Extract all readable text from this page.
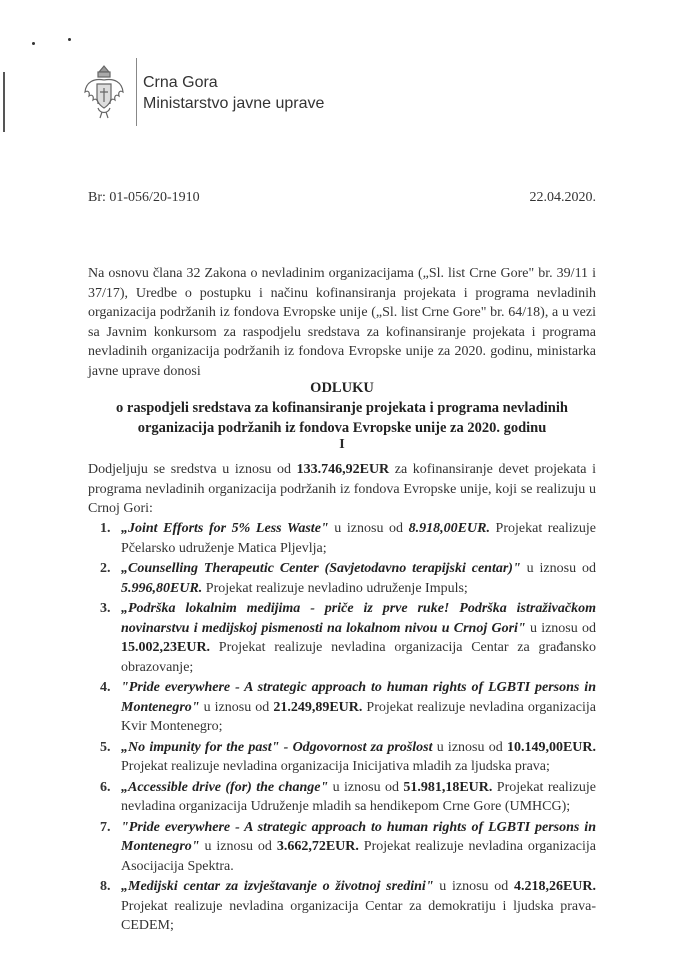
Crna Gora
Ministarstvo javne uprave
Br: 01-056/20-1910	22.04.2020.
Na osnovu člana 32 Zakona o nevladinim organizacijama („Sl. list Crne Gore" br. 39/11 i 37/17), Uredbe o postupku i načinu kofinansiranja projekata i programa nevladinih organizacija podržanih iz fondova Evropske unije („Sl. list Crne Gore" br. 64/18), a u vezi sa Javnim konkursom za raspodjelu sredstava za kofinansiranje projekata i programa nevladinih organizacija podržanih iz fondova Evropske unije za 2020. godinu, ministarka javne uprave donosi
ODLUKU
o raspodjeli sredstava za kofinansiranje projekata i programa nevladinih organizacija podržanih iz fondova Evropske unije za 2020. godinu
I
Dodjeljuju se sredstva u iznosu od 133.746,92EUR za kofinansiranje devet projekata i programa nevladinih organizacija podržanih iz fondova Evropske unije, koji se realizuju u Crnoj Gori:
1. „Joint Efforts for 5% Less Waste" u iznosu od 8.918,00EUR. Projekat realizuje Pčelarsko udruženje Matica Pljevlja;
2. „Counselling Therapeutic Center (Savjetodavno terapijski centar)" u iznosu od 5.996,80EUR. Projekat realizuje nevladino udruženje Impuls;
3. „Podrška lokalnim medijima - priče iz prve ruke! Podrška istraživačkom novinarstvu i medijskoj pismenosti na lokalnom nivou u Crnoj Gori" u iznosu od 15.002,23EUR. Projekat realizuje nevladina organizacija Centar za građansko obrazovanje;
4. "Pride everywhere - A strategic approach to human rights of LGBTI persons in Montenegro" u iznosu od 21.249,89EUR. Projekat realizuje nevladina organizacija Kvir Montenegro;
5. „No impunity for the past" - Odgovornost za prošlost u iznosu od 10.149,00EUR. Projekat realizuje nevladina organizacija Inicijativa mladih za ljudska prava;
6. „Accessible drive (for) the change" u iznosu od 51.981,18EUR. Projekat realizuje nevladina organizacija Udruženje mladih sa hendikepom Crne Gore (UMHCG);
7. "Pride everywhere - A strategic approach to human rights of LGBTI persons in Montenegro" u iznosu od 3.662,72EUR. Projekat realizuje nevladina organizacija Asocijacija Spektra.
8. „Medijski centar za izvještavanje o životnoj sredini" u iznosu od 4.218,26EUR. Projekat realizuje nevladina organizacija Centar za demokratiju i ljudska prava-CEDEM;
